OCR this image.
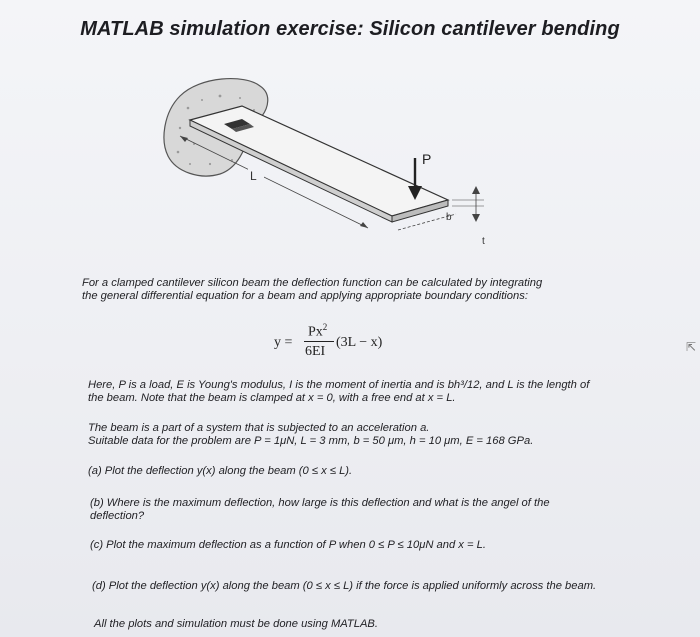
MATLAB simulation exercise: Silicon cantilever bending
P
L
b
t

For a clamped cantilever silicon beam the deflection function can be calculated by integrating

the general differential equation for a beam and applying appropriate boundary conditions:

y =
$Px^2$
6EI
(3L − x)

Here, P is a load, E is Young's modulus, I is the moment of inertia and is bh³/12, and L is the length of

the beam. Note that the beam is clamped at x = 0, with a free end at x = L.

The beam is a part of a system that is subjected to an acceleration a.

Suitable data for the problem are P = 1μN, L = 3 mm, b = 50 μm, h = 10 μm, E = 168 GPa.

(a) Plot the deflection y(x) along the beam (0 ≤ x ≤ L).

(b) Where is the maximum deflection, how large is this deflection and what is the angel of the

deflection?

(c) Plot the maximum deflection as a function of P when 0 ≤ P ≤ 10μN and x = L.

(d) Plot the deflection y(x) along the beam (0 ≤ x ≤ L) if the force is applied uniformly across the beam.

All the plots and simulation must be done using MATLAB.

⇱
